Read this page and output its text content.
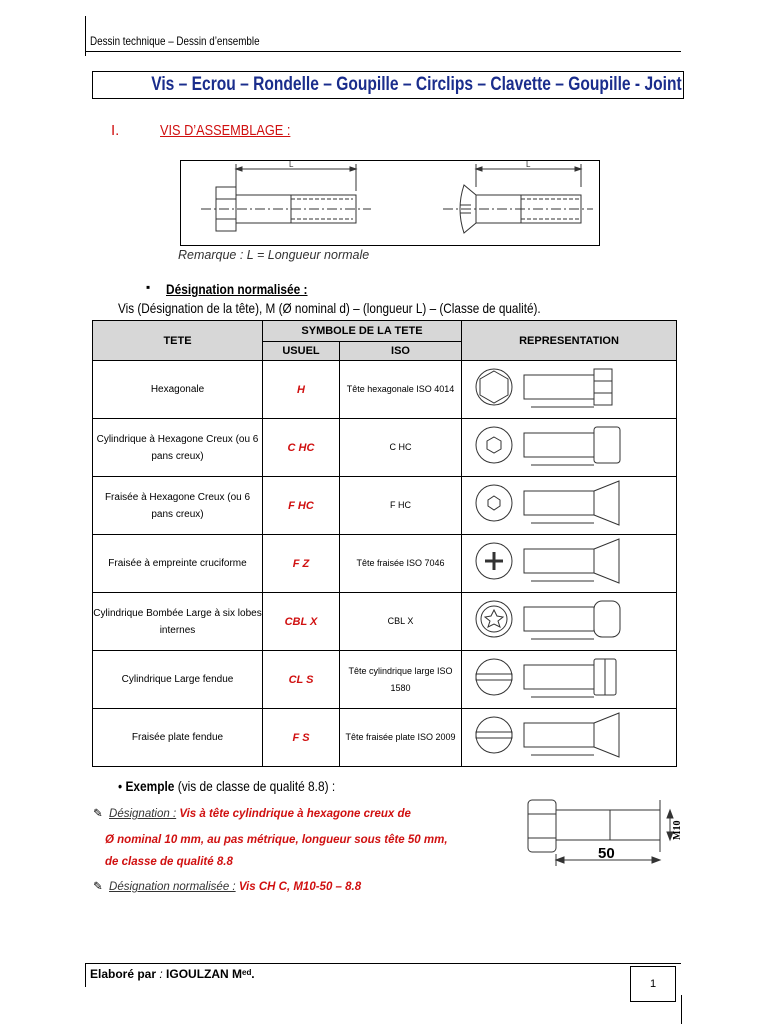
Dessin technique – Dessin d’ensemble
Vis – Ecrou – Rondelle – Goupille – Circlips – Clavette – Goupille - Joint
I.	VIS D’ASSEMBLAGE :
L	L
Remarque : L = Longueur normale
▪ Désignation normalisée :
Vis (Désignation de la tête), M (Ø nominal d) – (longueur L) – (Classe de qualité).
TETE	SYMBOLE DE LA TETE		REPRESENTATION
	USUEL	ISO	
Hexagonale	H	Tête hexagonale ISO 4014	
Cylindrique à Hexagone Creux (ou 6 pans creux)	C HC	C HC	
Fraisée à Hexagone Creux (ou 6 pans creux)	F HC	F HC	
Fraisée à empreinte cruciforme	F Z	Tête fraisée ISO 7046	
Cylindrique Bombée Large à six lobes internes	CBL X	CBL X	
Cylindrique Large fendue	CL S	Tête cylindrique large ISO 1580	
Fraisée plate fendue	F S	Tête fraisée plate ISO 2009	
• Exemple (vis de classe de qualité 8.8) :
✎ Désignation : Vis à tête cylindrique à hexagone creux de
Ø nominal 10 mm, au pas métrique, longueur sous tête 50 mm,
de classe de qualité 8.8
✎ Désignation normalisée : Vis CH C, M10-50 – 8.8
50
M10
Elaboré par : IGOULZAN Mᵉᵈ.
1
